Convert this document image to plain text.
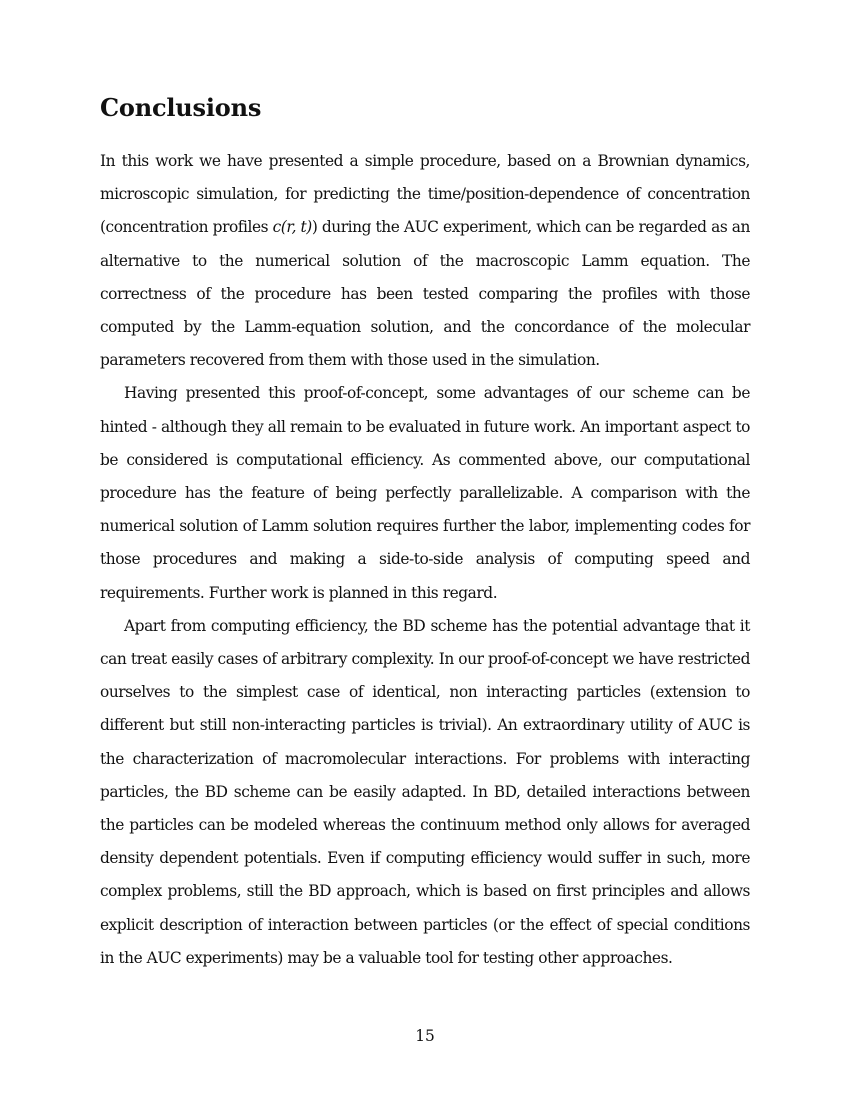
Conclusions

In this work we have presented a simple procedure, based on a Brownian dynamics, microscopic simulation, for predicting the time/position-dependence of concentration (concentration profiles c(r, t)) during the AUC experiment, which can be regarded as an alternative to the numerical solution of the macroscopic Lamm equation. The correctness of the procedure has been tested comparing the profiles with those computed by the Lamm-equation solution, and the concordance of the molecular parameters recovered from them with those used in the simulation.

Having presented this proof-of-concept, some advantages of our scheme can be hinted - although they all remain to be evaluated in future work. An important aspect to be considered is computational efficiency. As commented above, our computational procedure has the feature of being perfectly parallelizable. A comparison with the numerical solution of Lamm solution requires further the labor, implementing codes for those procedures and making a side-to-side analysis of computing speed and requirements. Further work is planned in this regard.

Apart from computing efficiency, the BD scheme has the potential advantage that it can treat easily cases of arbitrary complexity. In our proof-of-concept we have restricted ourselves to the simplest case of identical, non interacting particles (extension to different but still non-interacting particles is trivial). An extraordinary utility of AUC is the characterization of macromolecular interactions. For problems with interacting particles, the BD scheme can be easily adapted. In BD, detailed interactions between the particles can be modeled whereas the continuum method only allows for averaged density dependent potentials. Even if computing efficiency would suffer in such, more complex problems, still the BD approach, which is based on first principles and allows explicit description of interaction between particles (or the effect of special conditions in the AUC experiments) may be a valuable tool for testing other approaches.

15
